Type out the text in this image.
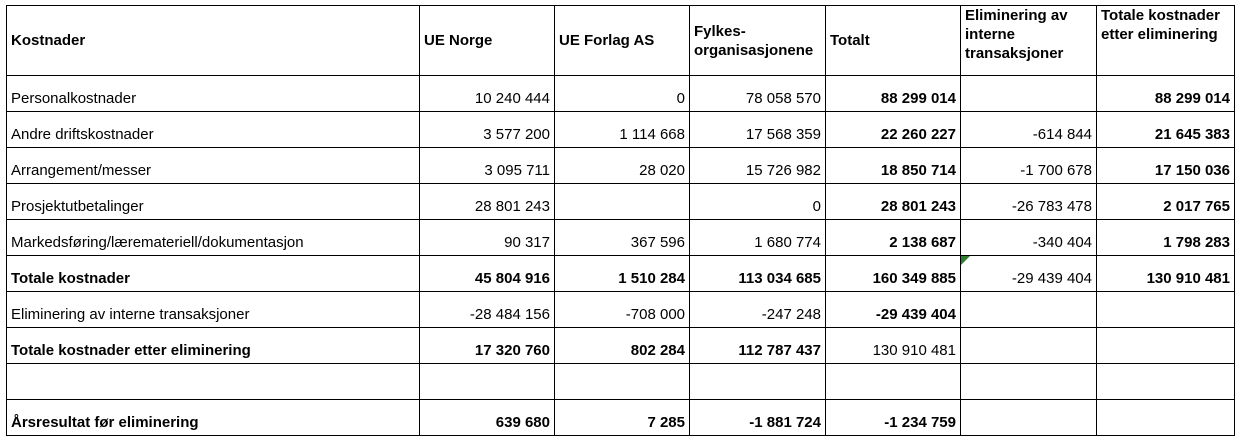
Kostnader	UE Norge	UE Forlag AS	Fylkes-organisasjonene	Totalt	Eliminering av interne transaksjoner	Totale kostnader etter eliminering
Personalkostnader	10 240 444	0	78 058 570	88 299 014		88 299 014
Andre driftskostnader	3 577 200	1 114 668	17 568 359	22 260 227	-614 844	21 645 383
Arrangement/messer	3 095 711	28 020	15 726 982	18 850 714	-1 700 678	17 150 036
Prosjektutbetalinger	28 801 243		0	28 801 243	-26 783 478	2 017 765
Markedsføring/læremateriell/dokumentasjon	90 317	367 596	1 680 774	2 138 687	-340 404	1 798 283
Totale kostnader	45 804 916	1 510 284	113 034 685	160 349 885	-29 439 404	130 910 481
Eliminering av interne transaksjoner	-28 484 156	-708 000	-247 248	-29 439 404		
Totale kostnader etter eliminering	17 320 760	802 284	112 787 437	130 910 481		

Årsresultat før eliminering	639 680	7 285	-1 881 724	-1 234 759		
